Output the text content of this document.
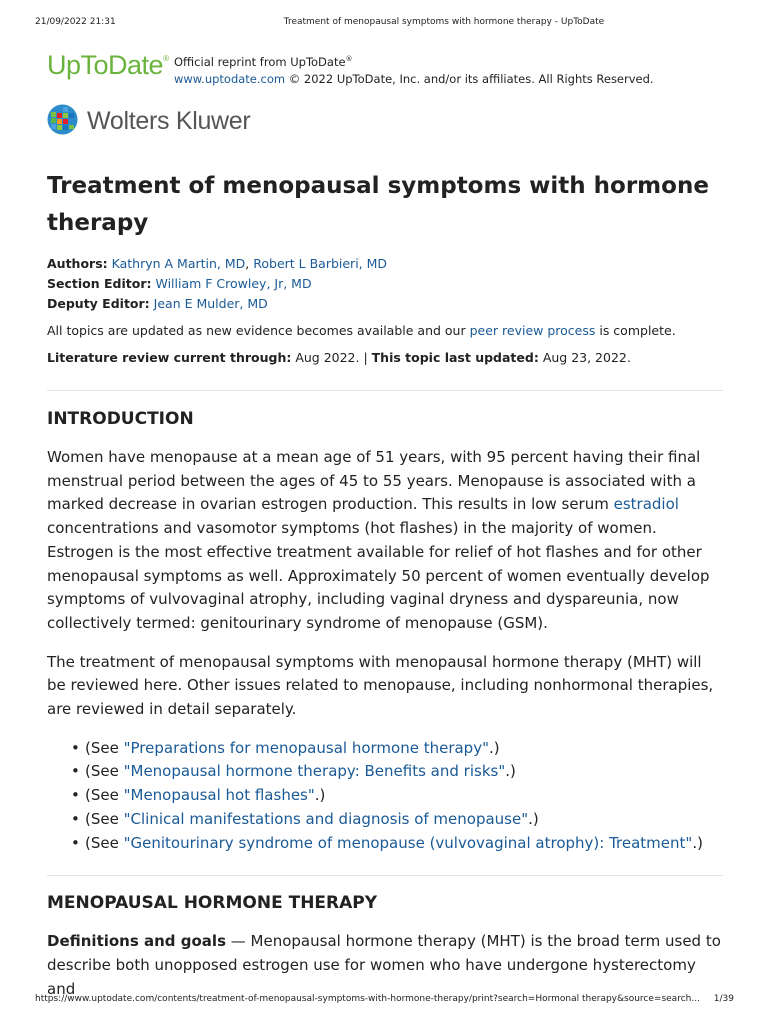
21/09/2022 21:31	Treatment of menopausal symptoms with hormone therapy - UpToDate
UpToDate® Official reprint from UpToDate®
www.uptodate.com © 2022 UpToDate, Inc. and/or its affiliates. All Rights Reserved.
Wolters Kluwer
Treatment of menopausal symptoms with hormone therapy
Authors: Kathryn A Martin, MD, Robert L Barbieri, MD
Section Editor: William F Crowley, Jr, MD
Deputy Editor: Jean E Mulder, MD
All topics are updated as new evidence becomes available and our peer review process is complete.
Literature review current through: Aug 2022. | This topic last updated: Aug 23, 2022.
INTRODUCTION

Women have menopause at a mean age of 51 years, with 95 percent having their final menstrual period between the ages of 45 to 55 years. Menopause is associated with a marked decrease in ovarian estrogen production. This results in low serum estradiol concentrations and vasomotor symptoms (hot flashes) in the majority of women. Estrogen is the most effective treatment available for relief of hot flashes and for other menopausal symptoms as well. Approximately 50 percent of women eventually develop symptoms of vulvovaginal atrophy, including vaginal dryness and dyspareunia, now collectively termed: genitourinary syndrome of menopause (GSM).

The treatment of menopausal symptoms with menopausal hormone therapy (MHT) will be reviewed here. Other issues related to menopause, including nonhormonal therapies, are reviewed in detail separately.

• (See "Preparations for menopausal hormone therapy".)
• (See "Menopausal hormone therapy: Benefits and risks".)
• (See "Menopausal hot flashes".)
• (See "Clinical manifestations and diagnosis of menopause".)
• (See "Genitourinary syndrome of menopause (vulvovaginal atrophy): Treatment".)
MENOPAUSAL HORMONE THERAPY

Definitions and goals — Menopausal hormone therapy (MHT) is the broad term used to describe both unopposed estrogen use for women who have undergone hysterectomy and

https://www.uptodate.com/contents/treatment-of-menopausal-symptoms-with-hormone-therapy/print?search=Hormonal therapy&source=search...	1/39
